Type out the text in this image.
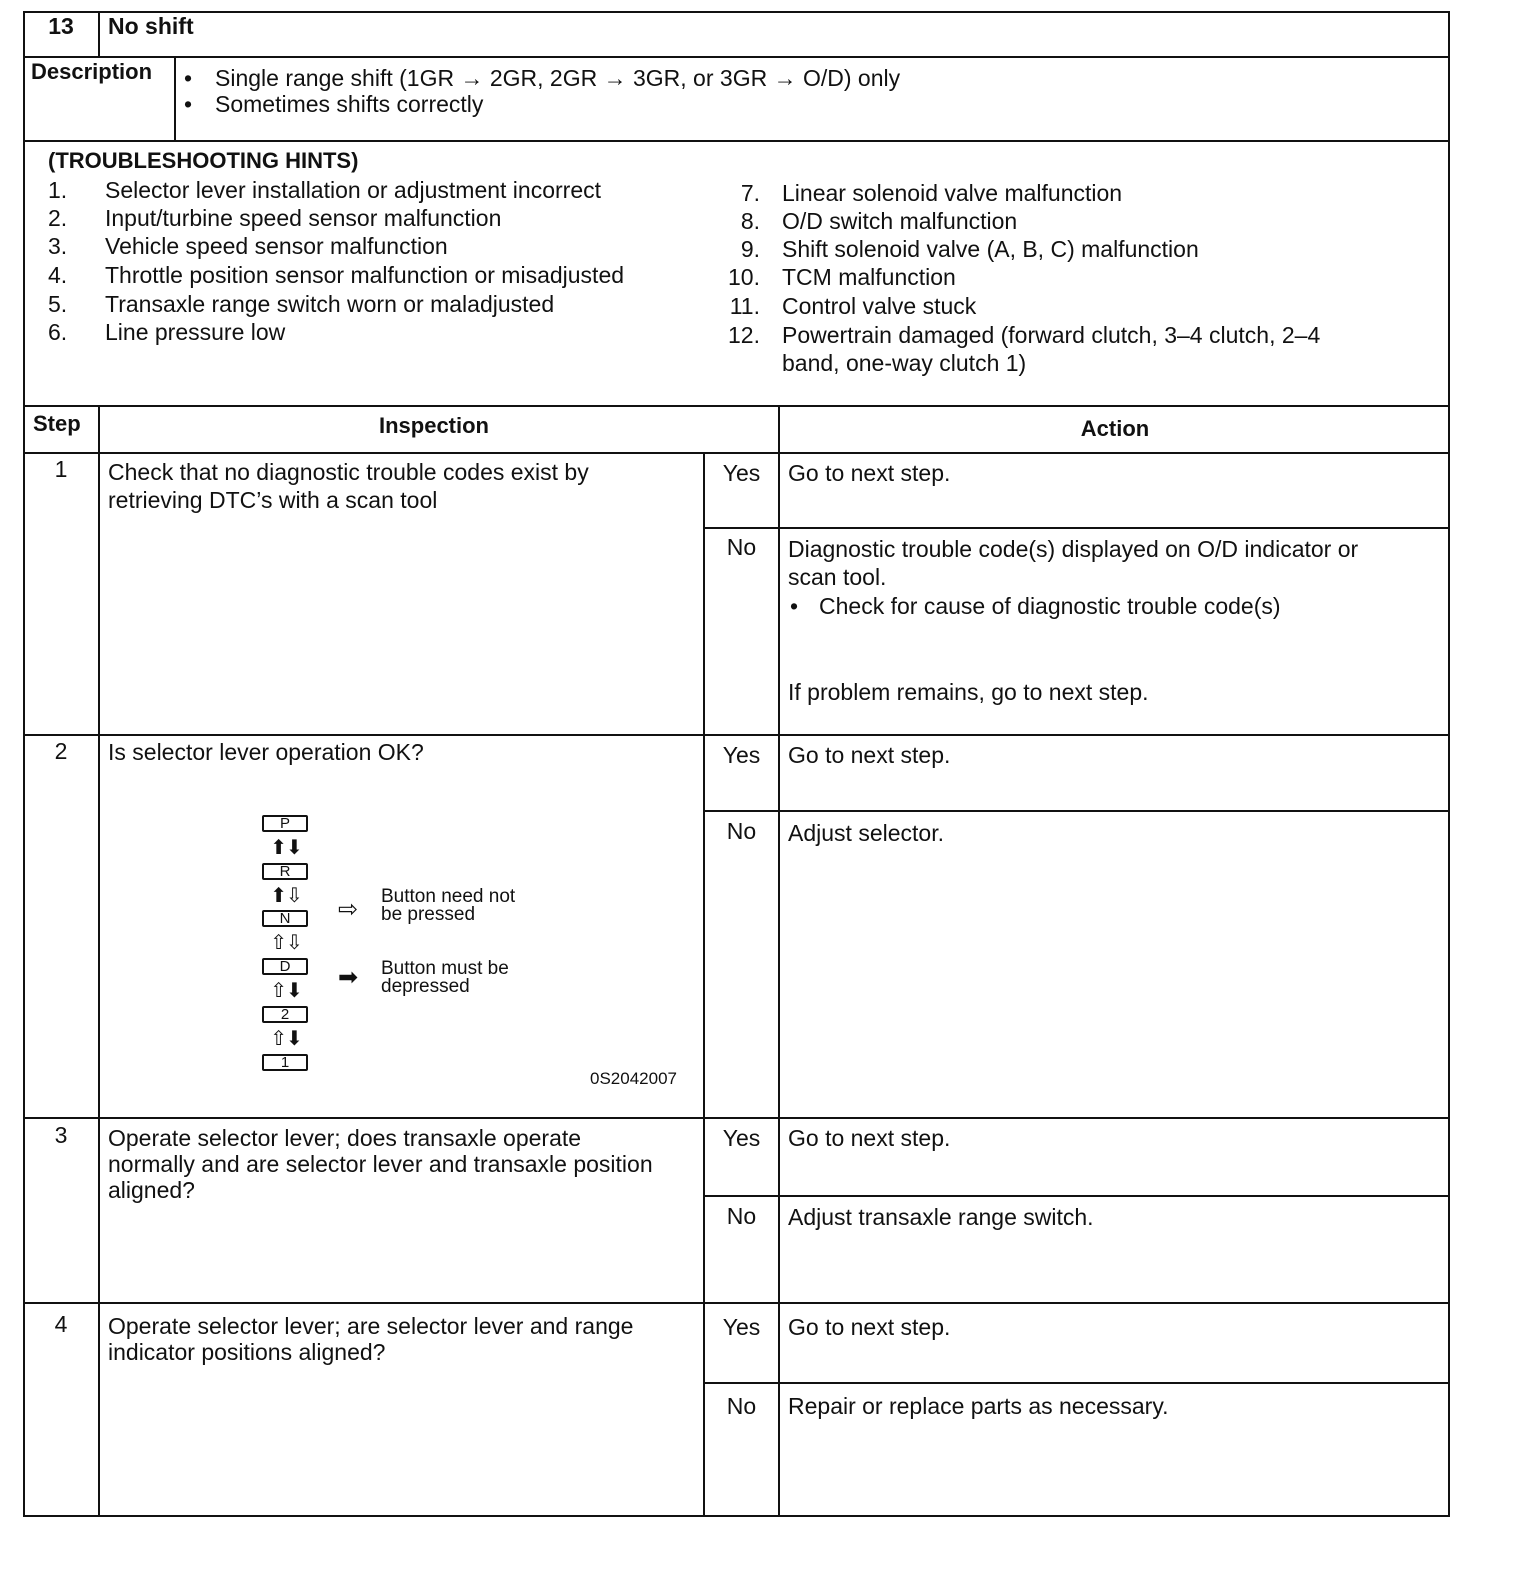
13	No shift
Description • Single range shift (1GR → 2GR, 2GR → 3GR, or 3GR → O/D) only
• Sometimes shifts correctly
(TROUBLESHOOTING HINTS)
1. Selector lever installation or adjustment incorrect
2. Input/turbine speed sensor malfunction
3. Vehicle speed sensor malfunction
4. Throttle position sensor malfunction or misadjusted
5. Transaxle range switch worn or maladjusted
6. Line pressure low
7. Linear solenoid valve malfunction
8. O/D switch malfunction
9. Shift solenoid valve (A, B, C) malfunction
10. TCM malfunction
11. Control valve stuck
12. Powertrain damaged (forward clutch, 3–4 clutch, 2–4
band, one-way clutch 1)
Step	Inspection	Action
1	Check that no diagnostic trouble codes exist by
retrieving DTC’s with a scan tool
Yes	Go to next step.
No	Diagnostic trouble code(s) displayed on O/D indicator or
scan tool.
• Check for cause of diagnostic trouble code(s)
If problem remains, go to next step.
2	Is selector lever operation OK?	Yes	Go to next step.
No	Adjust selector.
P
⬆⬇
R
⬆⇩
N
⇧⇩
D
⇧⬇
2
⇧⬇
1
⇨ Button need not
be pressed
➡ Button must be
depressed
0S2042007
3	Operate selector lever; does transaxle operate
normally and are selector lever and transaxle position
aligned?
Yes	Go to next step.
No	Adjust transaxle range switch.
4	Operate selector lever; are selector lever and range
indicator positions aligned?
Yes	Go to next step.
No	Repair or replace parts as necessary.
